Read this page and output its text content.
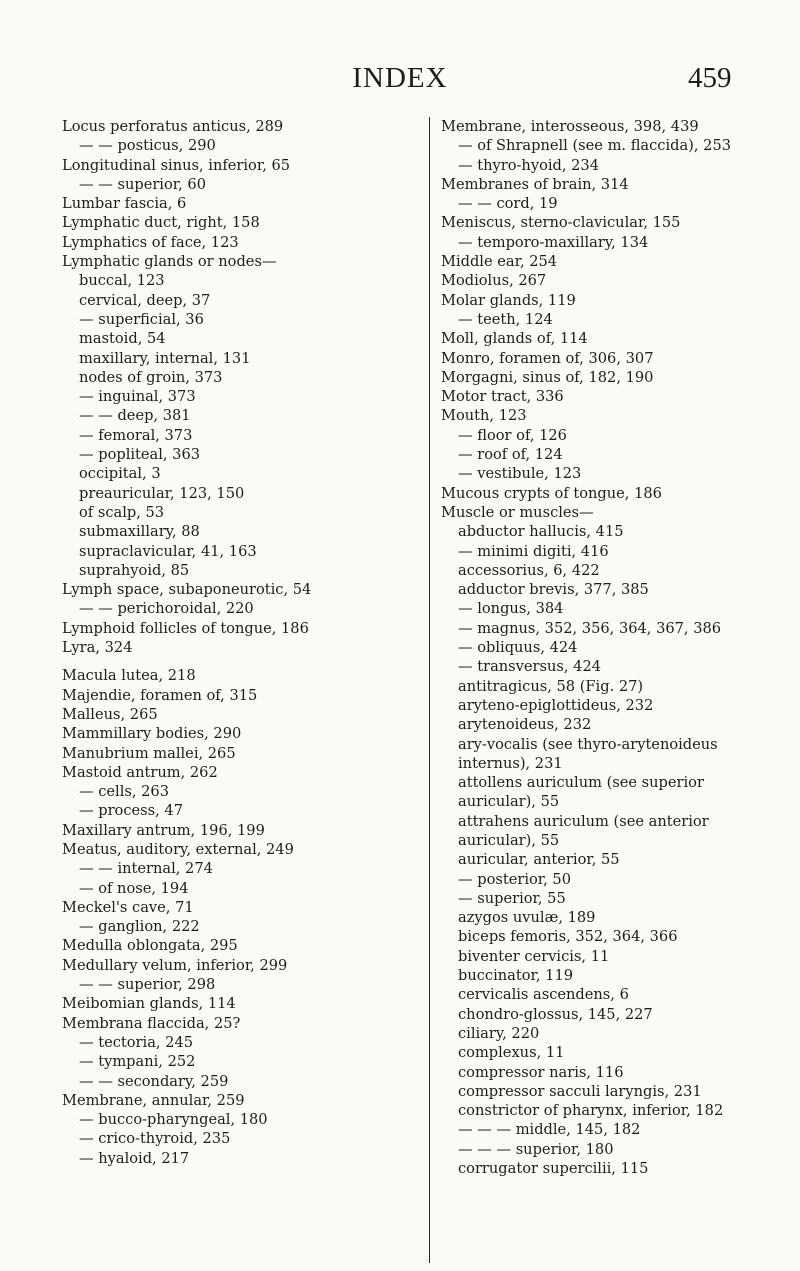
INDEX	459
Locus perforatus anticus, 289
— — posticus, 290
Longitudinal sinus, inferior, 65
— — superior, 60
Lumbar fascia, 6
Lymphatic duct, right, 158
Lymphatics of face, 123
Lymphatic glands or nodes—
buccal, 123
cervical, deep, 37
— superficial, 36
mastoid, 54
maxillary, internal, 131
nodes of groin, 373
— inguinal, 373
— — deep, 381
— femoral, 373
— popliteal, 363
occipital, 3
preauricular, 123, 150
of scalp, 53
submaxillary, 88
supraclavicular, 41, 163
suprahyoid, 85
Lymph space, subaponeurotic, 54
— — perichoroidal, 220
Lymphoid follicles of tongue, 186
Lyra, 324
Macula lutea, 218
Majendie, foramen of, 315
Malleus, 265
Mammillary bodies, 290
Manubrium mallei, 265
Mastoid antrum, 262
— cells, 263
— process, 47
Maxillary antrum, 196, 199
Meatus, auditory, external, 249
— — internal, 274
— of nose, 194
Meckel's cave, 71
— ganglion, 222
Medulla oblongata, 295
Medullary velum, inferior, 299
— — superior, 298
Meibomian glands, 114
Membrana flaccida, 25?
— tectoria, 245
— tympani, 252
— — secondary, 259
Membrane, annular, 259
— bucco-pharyngeal, 180
— crico-thyroid, 235
— hyaloid, 217
Membrane, interosseous, 398, 439
— of Shrapnell (see m. flaccida), 253
— thyro-hyoid, 234
Membranes of brain, 314
— — cord, 19
Meniscus, sterno-clavicular, 155
— temporo-maxillary, 134
Middle ear, 254
Modiolus, 267
Molar glands, 119
— teeth, 124
Moll, glands of, 114
Monro, foramen of, 306, 307
Morgagni, sinus of, 182, 190
Motor tract, 336
Mouth, 123
— floor of, 126
— roof of, 124
— vestibule, 123
Mucous crypts of tongue, 186
Muscle or muscles—
abductor hallucis, 415
— minimi digiti, 416
accessorius, 6, 422
adductor brevis, 377, 385
— longus, 384
— magnus, 352, 356, 364, 367, 386
— obliquus, 424
— transversus, 424
antitragicus, 58 (Fig. 27)
aryteno-epiglottideus, 232
arytenoideus, 232
ary-vocalis (see thyro-arytenoideus
internus), 231
attollens auriculum (see superior
auricular), 55
attrahens auriculum (see anterior
auricular), 55
auricular, anterior, 55
— posterior, 50
— superior, 55
azygos uvulæ, 189
biceps femoris, 352, 364, 366
biventer cervicis, 11
buccinator, 119
cervicalis ascendens, 6
chondro-glossus, 145, 227
ciliary, 220
complexus, 11
compressor naris, 116
compressor sacculi laryngis, 231
constrictor of pharynx, inferior, 182
— — — middle, 145, 182
— — — superior, 180
corrugator supercilii, 115
